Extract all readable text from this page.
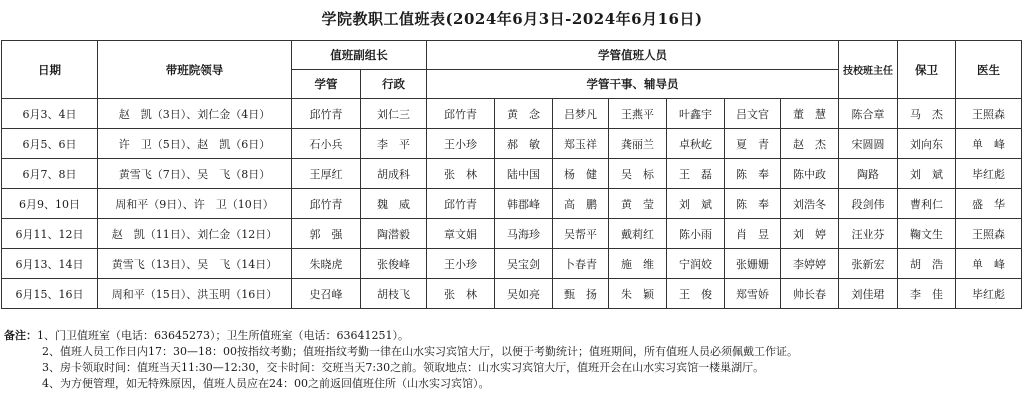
学院教职工值班表(2024年6月3日-2024年6月16日)
日期	带班院领导	值班副组长		学管值班人员							技校班主任	保卫	医生
		学管	行政	学管干事、辅导员									
6月3、4日	赵　凯（3日）、刘仁金（4日）	邱竹青	刘仁三	邱竹青	黄　念	吕梦凡	王燕平	叶鑫宇	吕文官	董　慧	陈合章	马　杰	王照森
6月5、6日	许　卫（5日）、赵　凯（6日）	石小兵	李　平	王小珍	郝　敏	郑玉祥	龚丽兰	卓秋屹	夏　青	赵　杰	宋圆圆	刘向东	单　峰
6月7、8日	黄雪飞（7日）、吴　飞（8日）	王厚红	胡成科	张　林	陆中国	杨　健	吴　标	王　磊	陈　奉	陈中政	陶路	刘　斌	毕红彪
6月9、10日	周和平（9日）、许　卫（10日）	邱竹青	魏　威	邱竹青	韩郡峰	高　鹏	黄　莹	刘　斌	陈　奉	刘浩冬	段剑伟	曹利仁	盛　华
6月11、12日	赵　凯（11日）、刘仁金（12日）	郭　强	陶潜毅	章文娟	马海珍	吴帮平	戴莉红	陈小雨	肖　昱	刘　婷	汪业芬	鞠文生	王照森
6月13、14日	黄雪飞（13日）、吴　飞（14日）	朱晓虎	张俊峰	王小珍	吴宝剑	卜春青	施　维	宁润姣	张姗姗	李婷婷	张新宏	胡　浩	单　峰
6月15、16日	周和平（15日）、洪玉明（16日）	史召峰	胡枝飞	张　林	吴如亮	甄　扬	朱　颖	王　俊	郑雪娇	帅长春	刘佳珺	李　佳	毕红彪
备注：1、门卫值班室（电话：63645273）；卫生所值班室（电话：63641251）。
2、值班人员工作日内17：30—18：00按指纹考勤；值班指纹考勤一律在山水实习宾馆大厅，以便于考勤统计；值班期间，所有值班人员必须佩戴工作证。
3、房卡领取时间：值班当天11:30—12:30，交卡时间：交班当天7:30之前。领取地点：山水实习宾馆大厅，值班开会在山水实习宾馆一楼巢湖厅。
4、为方便管理，如无特殊原因，值班人员应在24：00之前返回值班住所（山水实习宾馆）。
